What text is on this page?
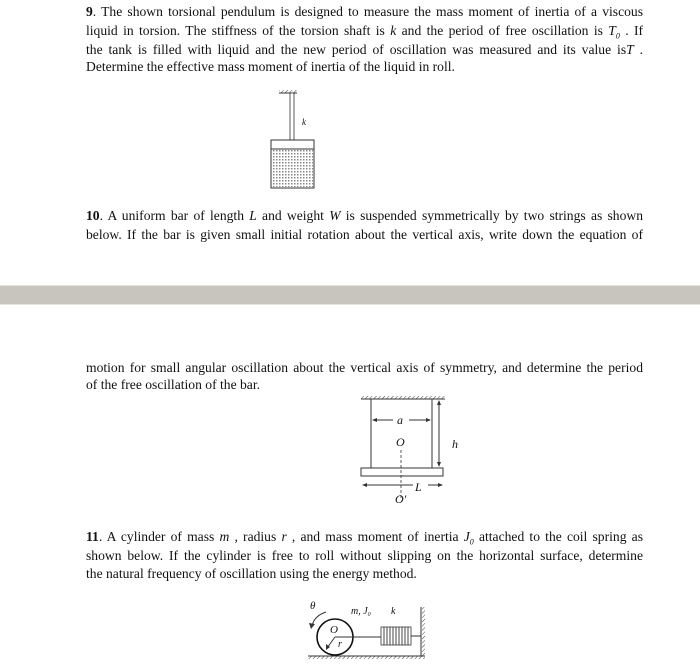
9. The shown torsional pendulum is designed to measure the mass moment of inertia of a viscous
liquid in torsion. The stiffness of the torsion shaft is k and the period of free oscillation is $T_0$ . If
the tank is filled with liquid and the new period of oscillation was measured and its value isT .
Determine the effective mass moment of inertia of the liquid in roll.
k
10. A uniform bar of length L and weight W is suspended symmetrically by two strings as shown
below. If the bar is given small initial rotation about the vertical axis, write down the equation of
motion for small angular oscillation about the vertical axis of symmetry, and determine the period
of the free oscillation of the bar.
a
O	h
L
O'
11. A cylinder of mass m , radius r , and mass moment of inertia $J_0$ attached to the coil spring as
shown below. If the cylinder is free to roll without slipping on the horizontal surface, determine
the natural frequency of oscillation using the energy method.
θ	m, $J_0$ k
O
r
